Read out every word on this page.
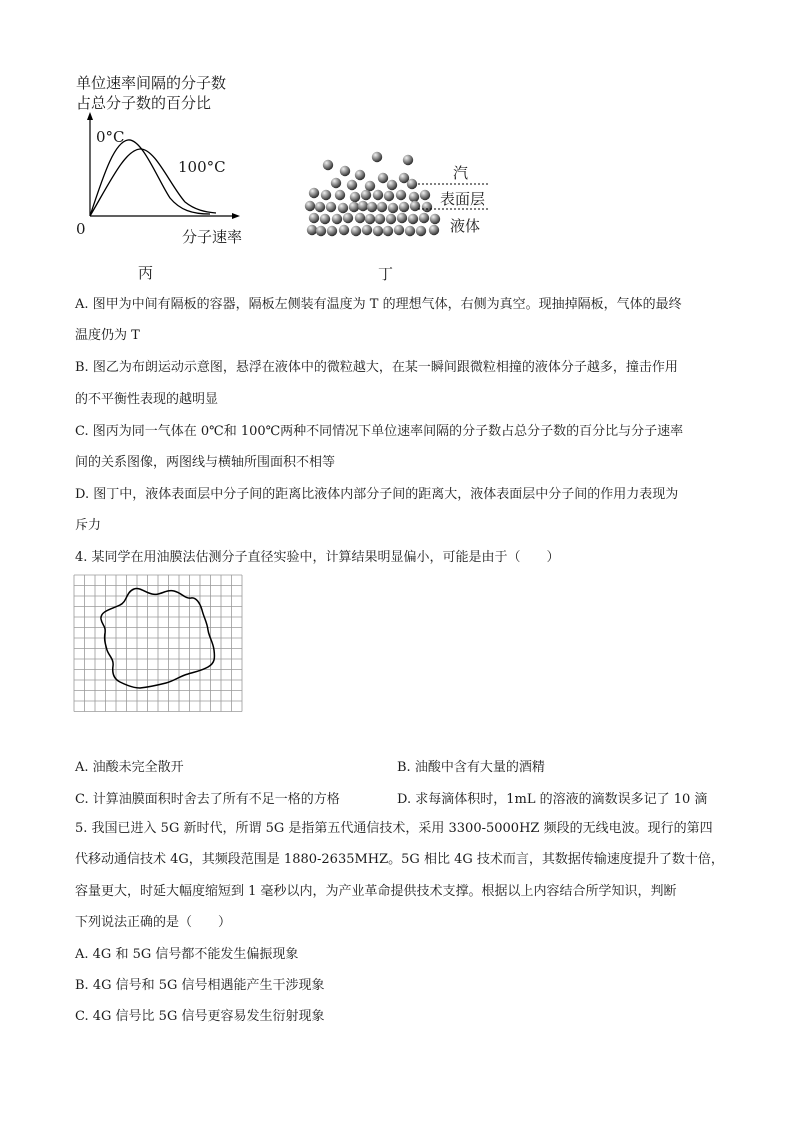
单位速率间隔的分子数
占总分子数的百分比
0°C
100°C
0	分子速率
丙
汽
表面层
液体
丁
A. 图甲为中间有隔板的容器，隔板左侧装有温度为 T 的理想气体，右侧为真空。现抽掉隔板，气体的最终
温度仍为 T
B. 图乙为布朗运动示意图，悬浮在液体中的微粒越大，在某一瞬间跟微粒相撞的液体分子越多，撞击作用
的不平衡性表现的越明显
C. 图丙为同一气体在 0℃和 100℃两种不同情况下单位速率间隔的分子数占总分子数的百分比与分子速率
间的关系图像，两图线与横轴所围面积不相等
D. 图丁中，液体表面层中分子间的距离比液体内部分子间的距离大，液体表面层中分子间的作用力表现为
斥力
4. 某同学在用油膜法估测分子直径实验中，计算结果明显偏小，可能是由于（　　）
A. 油酸未完全散开	B. 油酸中含有大量的酒精
C. 计算油膜面积时舍去了所有不足一格的方格	D. 求每滴体积时，1mL 的溶液的滴数误多记了 10 滴
5. 我国已进入 5G 新时代，所谓 5G 是指第五代通信技术，采用 3300-5000HZ 频段的无线电波。现行的第四
代移动通信技术 4G，其频段范围是 1880-2635MHZ。5G 相比 4G 技术而言，其数据传输速度提升了数十倍，
容量更大，时延大幅度缩短到 1 毫秒以内，为产业革命提供技术支撑。根据以上内容结合所学知识，判断
下列说法正确的是（　　）
A. 4G 和 5G 信号都不能发生偏振现象
B. 4G 信号和 5G 信号相遇能产生干涉现象
C. 4G 信号比 5G 信号更容易发生衍射现象
